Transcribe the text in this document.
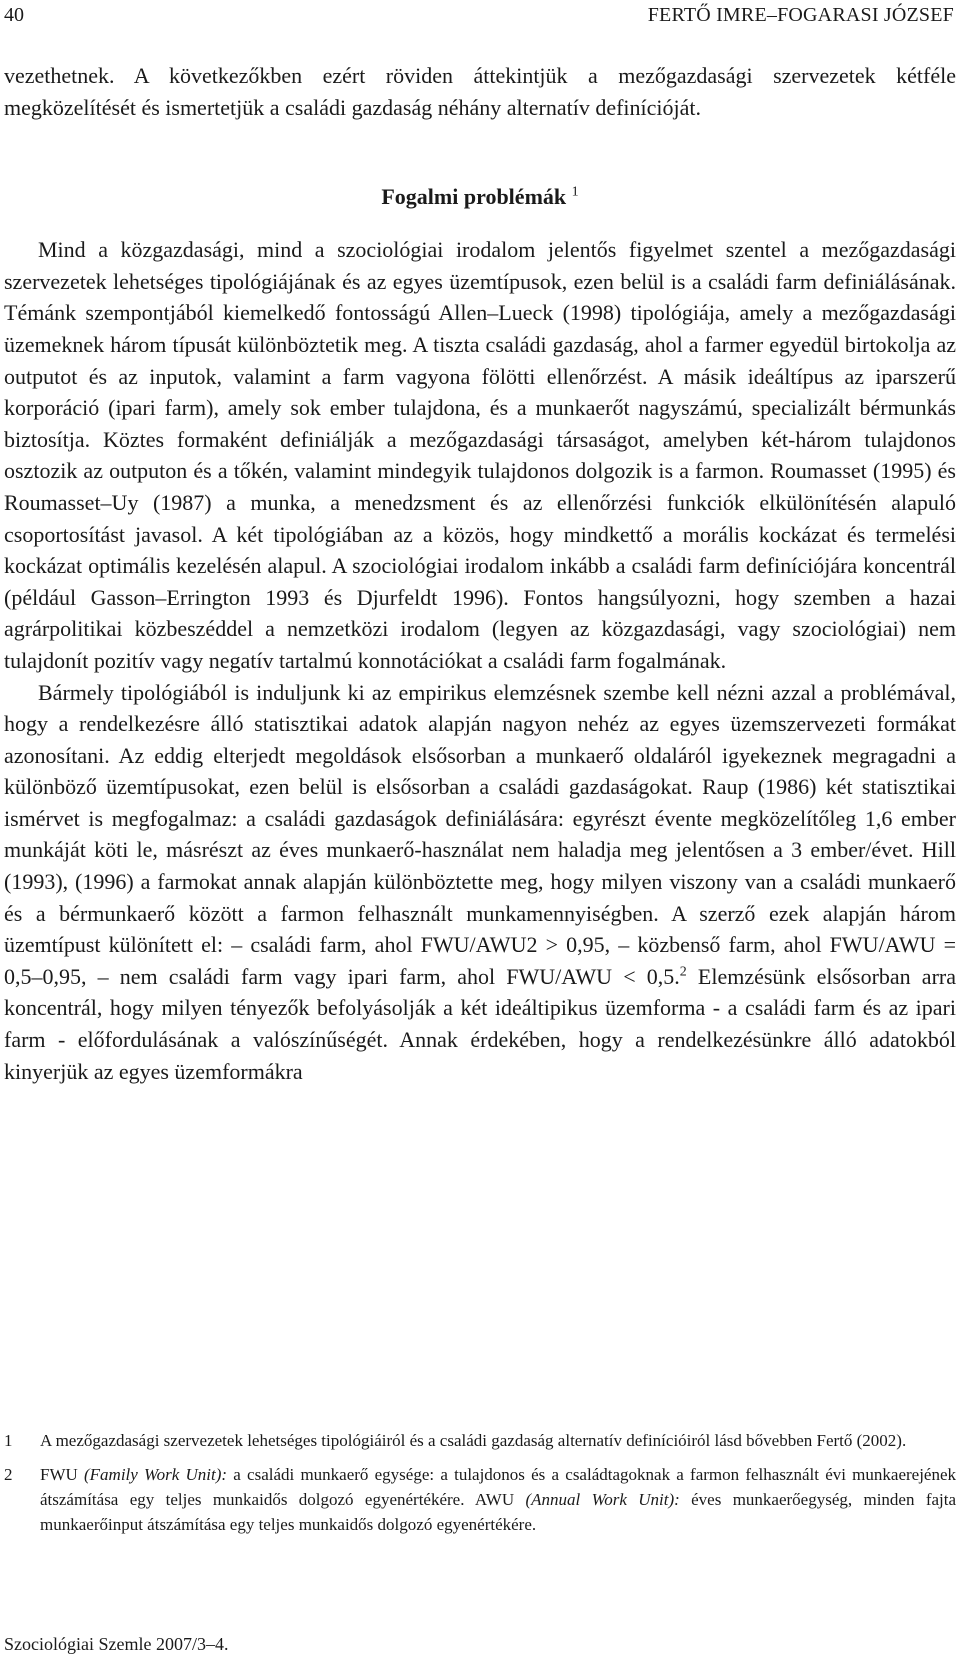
40	FERTŐ IMRE–FOGARASI JÓZSEF

vezethetnek. A következőkben ezért röviden áttekintjük a mezőgazdasági szervezetek kétféle megközelítését és ismertetjük a családi gazdaság néhány alternatív definícióját.

Fogalmi problémák $^1$

Mind a közgazdasági, mind a szociológiai irodalom jelentős figyelmet szentel a mezőgazdasági szervezetek lehetséges tipológiájának és az egyes üzemtípusok, ezen belül is a családi farm definiálásának. Témánk szempontjából kiemelkedő fontosságú Allen–Lueck (1998) tipológiája, amely a mezőgazdasági üzemeknek három típusát különböztetik meg. A tiszta családi gazdaság, ahol a farmer egyedül birtokolja az outputot és az inputok, valamint a farm vagyona fölötti ellenőrzést. A másik ideáltípus az iparszerű korporáció (ipari farm), amely sok ember tulajdona, és a munkaerőt nagyszámú, specializált bérmunkás biztosítja. Köztes formaként definiálják a mezőgazdasági társaságot, amelyben két-három tulajdonos osztozik az outputon és a tőkén, valamint mindegyik tulajdonos dolgozik is a farmon. Roumasset (1995) és Roumasset–Uy (1987) a munka, a menedzsment és az ellenőrzési funkciók elkülönítésén alapuló csoportosítást javasol. A két tipológiában az a közös, hogy mindkettő a morális kockázat és termelési kockázat optimális kezelésén alapul. A szociológiai irodalom inkább a családi farm definíciójára koncentrál (például Gasson–Errington 1993 és Djurfeldt 1996). Fontos hangsúlyozni, hogy szemben a hazai agrárpolitikai közbeszéddel a nemzetközi irodalom (legyen az közgazdasági, vagy szociológiai) nem tulajdonít pozitív vagy negatív tartalmú konnotációkat a családi farm fogalmának.

Bármely tipológiából is induljunk ki az empirikus elemzésnek szembe kell nézni azzal a problémával, hogy a rendelkezésre álló statisztikai adatok alapján nagyon nehéz az egyes üzemszervezeti formákat azonosítani. Az eddig elterjedt megoldások elsősorban a munkaerő oldaláról igyekeznek megragadni a különböző üzemtípusokat, ezen belül is elsősorban a családi gazdaságokat. Raup (1986) két statisztikai ismérvet is megfogalmaz: a családi gazdaságok definiálására: egyrészt évente megközelítőleg 1,6 ember munkáját köti le, másrészt az éves munkaerő-használat nem haladja meg jelentősen a 3 ember/évet. Hill (1993), (1996) a farmokat annak alapján különböztette meg, hogy milyen viszony van a családi munkaerő és a bérmunkaerő között a farmon felhasznált munkamennyiségben. A szerző ezek alapján három üzemtípust különített el: – családi farm, ahol FWU/AWU2 > 0,95, – közbenső farm, ahol FWU/AWU = 0,5–0,95, – nem családi farm vagy ipari farm, ahol FWU/AWU < 0,5.$^2$ Elemzésünk elsősorban arra koncentrál, hogy milyen tényezők befolyásolják a két ideáltipikus üzemforma - a családi farm és az ipari farm - előfordulásának a valószínűségét. Annak érdekében, hogy a rendelkezésünkre álló adatokból kinyerjük az egyes üzemformákra

1	A mezőgazdasági szervezetek lehetséges tipológiáiról és a családi gazdaság alternatív definícióiról lásd bővebben Fertő (2002).
2	FWU (Family Work Unit): a családi munkaerő egysége: a tulajdonos és a családtagoknak a farmon felhasznált évi munkaerejének átszámítása egy teljes munkaidős dolgozó egyenértékére. AWU (Annual Work Unit): éves munkaerőegység, minden fajta munkaerőinput átszámítása egy teljes munkaidős dolgozó egyenértékére.
Szociológiai Szemle 2007/3–4.
